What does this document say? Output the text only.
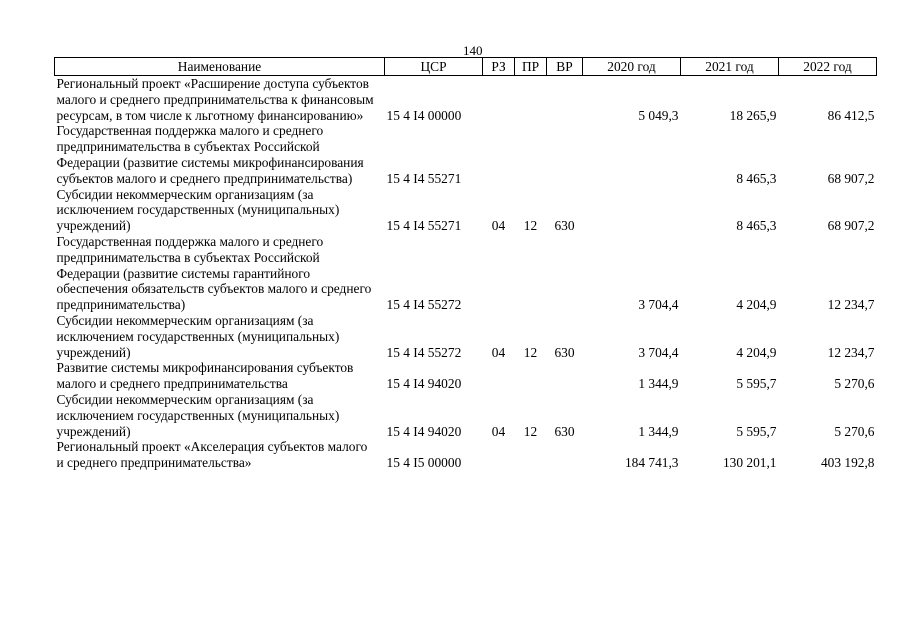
140
Наименование	ЦСР	РЗ	ПР	ВР	2020 год	2021 год	2022 год
Региональный проект «Расширение доступа субъектов малого и среднего предпринимательства к финансовым ресурсам, в том числе к льготному финансированию»	15 4 I4 00000				5 049,3	18 265,9	86 412,5
Государственная поддержка малого и среднего предпринимательства в субъектах Российской Федерации (развитие системы микрофинансирования субъектов малого и среднего предпринимательства)	15 4 I4 55271					8 465,3	68 907,2
Субсидии некоммерческим организациям (за исключением государственных (муниципальных) учреждений)	15 4 I4 55271	04	12	630		8 465,3	68 907,2
Государственная поддержка малого и среднего предпринимательства в субъектах Российской Федерации (развитие системы гарантийного обеспечения обязательств субъектов малого и среднего предпринимательства)	15 4 I4 55272				3 704,4	4 204,9	12 234,7
Субсидии некоммерческим организациям (за исключением государственных (муниципальных) учреждений)	15 4 I4 55272	04	12	630	3 704,4	4 204,9	12 234,7
Развитие системы микрофинансирования субъектов малого и среднего предпринимательства	15 4 I4 94020				1 344,9	5 595,7	5 270,6
Субсидии некоммерческим организациям (за исключением государственных (муниципальных) учреждений)	15 4 I4 94020	04	12	630	1 344,9	5 595,7	5 270,6
Региональный проект «Акселерация субъектов малого и среднего предпринимательства»	15 4 I5 00000				184 741,3	130 201,1	403 192,8
